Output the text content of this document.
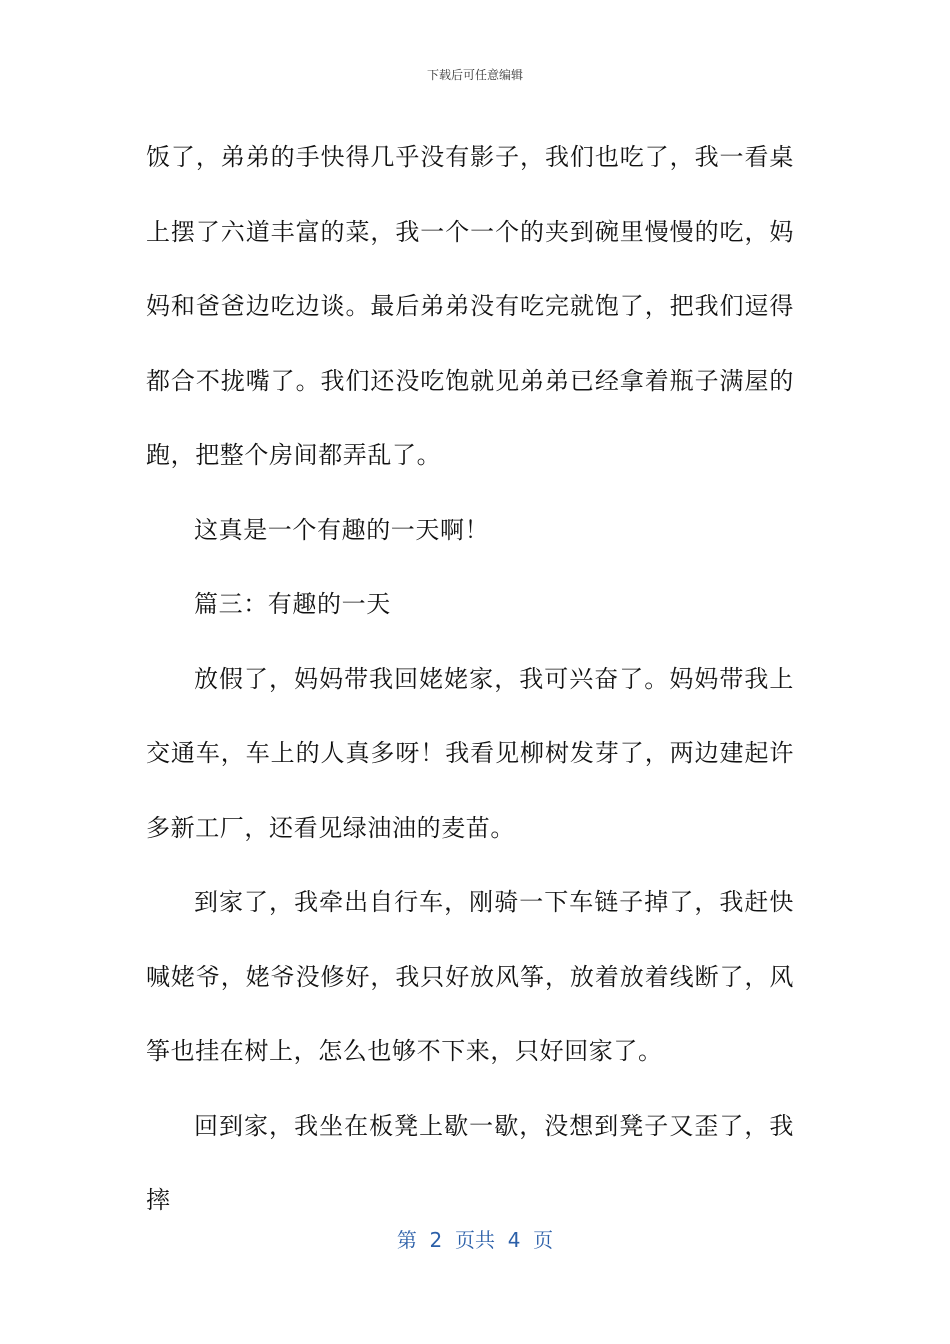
下载后可任意编辑

饭了，弟弟的手快得几乎没有影子，我们也吃了，我一看桌上摆了六道丰富的菜，我一个一个的夹到碗里慢慢的吃，妈妈和爸爸边吃边谈。最后弟弟没有吃完就饱了，把我们逗得都合不拢嘴了。我们还没吃饱就见弟弟已经拿着瓶子满屋的跑，把整个房间都弄乱了。

这真是一个有趣的一天啊！

篇三：有趣的一天

放假了，妈妈带我回姥姥家，我可兴奋了。妈妈带我上交通车，车上的人真多呀！我看见柳树发芽了，两边建起许多新工厂，还看见绿油油的麦苗。

到家了，我牵出自行车，刚骑一下车链子掉了，我赶快喊姥爷，姥爷没修好，我只好放风筝，放着放着线断了，风筝也挂在树上，怎么也够不下来，只好回家了。

回到家，我坐在板凳上歇一歇，没想到凳子又歪了，我摔

第  2  页共  4  页
